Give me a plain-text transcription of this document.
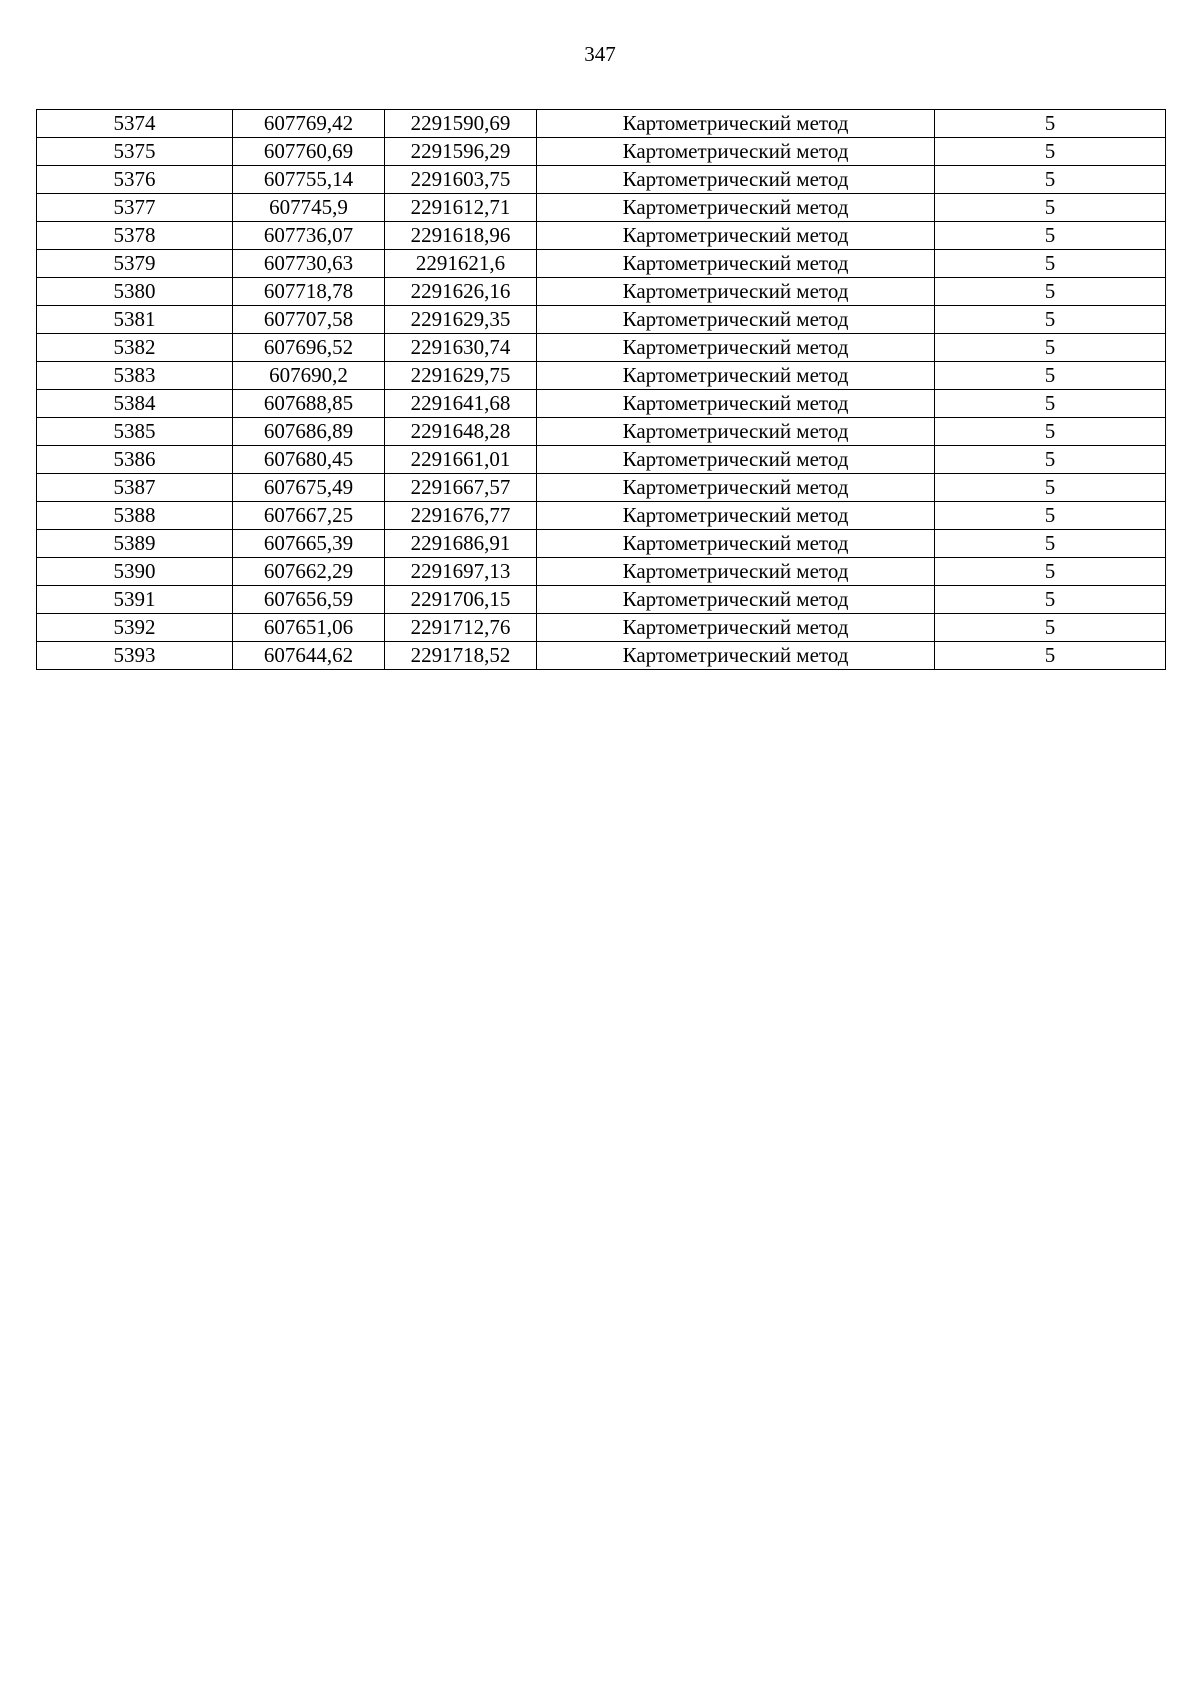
347
5374	607769,42	2291590,69	Картометрический метод	5
5375	607760,69	2291596,29	Картометрический метод	5
5376	607755,14	2291603,75	Картометрический метод	5
5377	607745,9	2291612,71	Картометрический метод	5
5378	607736,07	2291618,96	Картометрический метод	5
5379	607730,63	2291621,6	Картометрический метод	5
5380	607718,78	2291626,16	Картометрический метод	5
5381	607707,58	2291629,35	Картометрический метод	5
5382	607696,52	2291630,74	Картометрический метод	5
5383	607690,2	2291629,75	Картометрический метод	5
5384	607688,85	2291641,68	Картометрический метод	5
5385	607686,89	2291648,28	Картометрический метод	5
5386	607680,45	2291661,01	Картометрический метод	5
5387	607675,49	2291667,57	Картометрический метод	5
5388	607667,25	2291676,77	Картометрический метод	5
5389	607665,39	2291686,91	Картометрический метод	5
5390	607662,29	2291697,13	Картометрический метод	5
5391	607656,59	2291706,15	Картометрический метод	5
5392	607651,06	2291712,76	Картометрический метод	5
5393	607644,62	2291718,52	Картометрический метод	5
